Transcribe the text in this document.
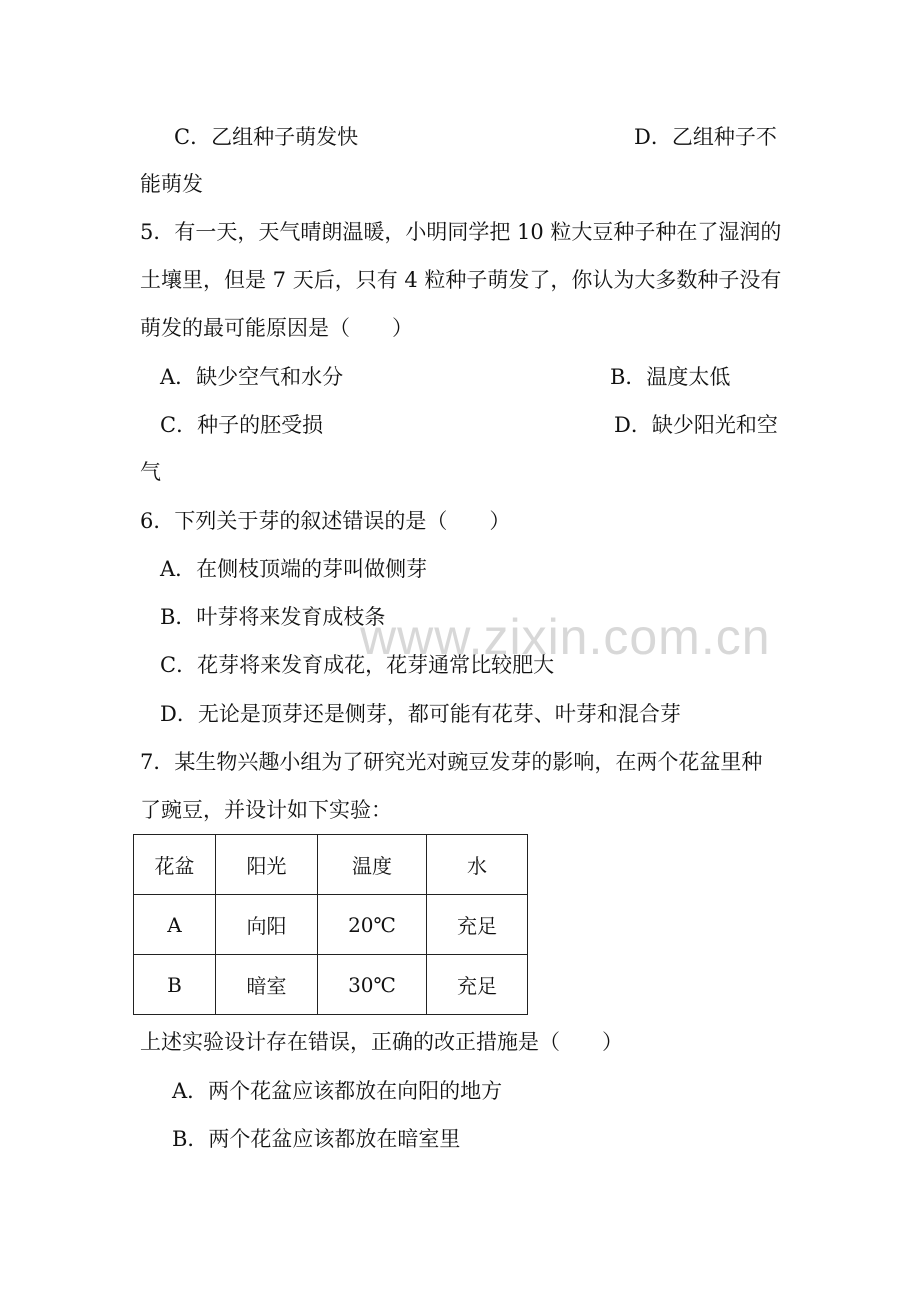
www.zixin.com.cn
C．乙组种子萌发快	D．乙组种子不
能萌发
5．有一天，天气晴朗温暖，小明同学把 10 粒大豆种子种在了湿润的
土壤里，但是 7 天后，只有 4 粒种子萌发了，你认为大多数种子没有
萌发的最可能原因是（　　）
A．缺少空气和水分	B．温度太低
C．种子的胚受损	D．缺少阳光和空
气
6．下列关于芽的叙述错误的是（　　）
A．在侧枝顶端的芽叫做侧芽
B．叶芽将来发育成枝条
C．花芽将来发育成花，花芽通常比较肥大
D．无论是顶芽还是侧芽，都可能有花芽、叶芽和混合芽
7．某生物兴趣小组为了研究光对豌豆发芽的影响，在两个花盆里种
了豌豆，并设计如下实验：
花盆	阳光	温度	水
A	向阳	20℃	充足
B	暗室	30℃	充足
上述实验设计存在错误，正确的改正措施是（　　）
A．两个花盆应该都放在向阳的地方
B．两个花盆应该都放在暗室里
